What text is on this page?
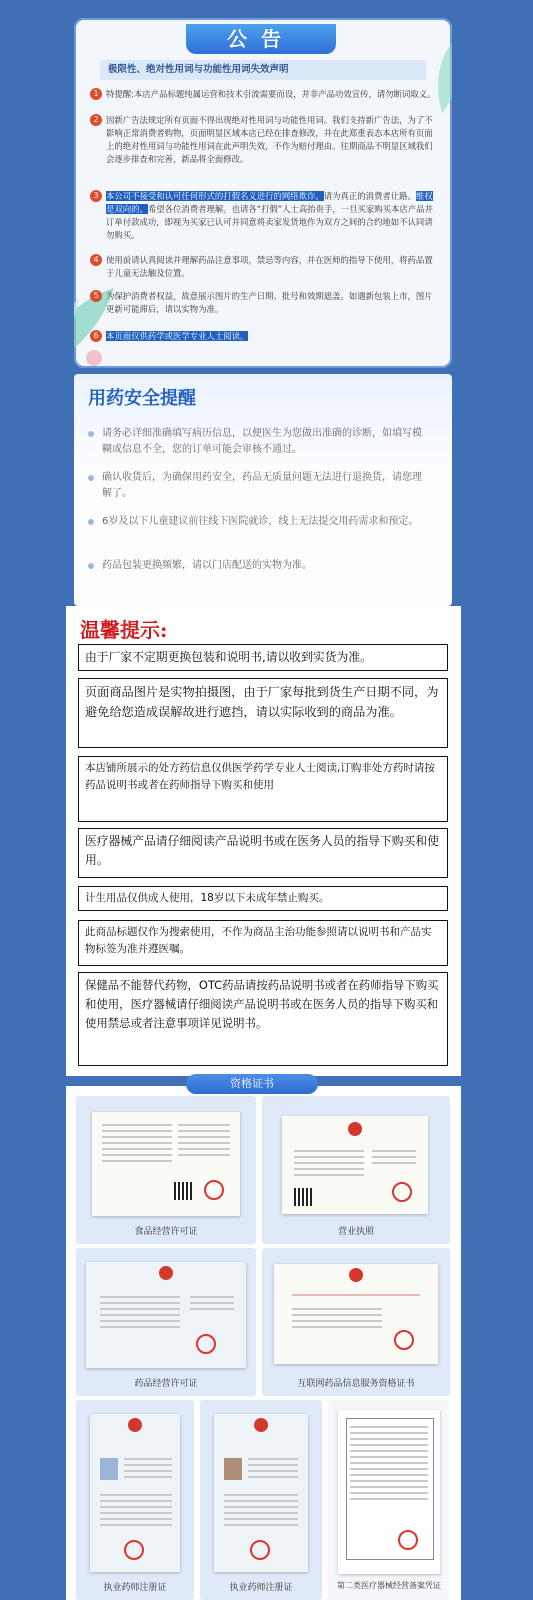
公告
极限性、绝对性用词与功能性用词失效声明
1 特提醒:本店产品标题纯属运营和技术引流需要而设，并非产品功效宣传，请勿断词取义。
2 因新广告法规定所有页面不得出现绝对性用词与功能性用词。我们支持新广告法，为了不影响正常消费者购物，页面明显区域本店已经在排查修改，并在此郑重表态本店所有页面上的绝对性用词与功能性用词在此声明失效，不作为赔付理由。往期商品不明显区域我们会逐步排查和完善，新品将全面修改。
3 本公司不接受和认可任何形式的打假名义进行的网络欺诈。请为真正的消费者让路。维权是双向的。希望各位消费者理解。也请各“打假”人士高抬贵手，一旦买家购买本店产品并订单付款成功，即视为买家已认可并同意将卖家发货地作为双方之间的合约地如不认同请勿购买。
4 使用前请认真阅读并理解药品注意事项，禁忌等内容，并在医师的指导下使用，将药品置于儿童无法触及位置。
5 为保护消费者权益，故意展示图片的生产日期、批号和效期遮盖。如遇新包装上市，图片更新可能滞后，请以实物为准。
6 本页面仅供药学或医学专业人士阅读。
用药安全提醒
请务必详细准确填写病历信息，以便医生为您做出准确的诊断，如填写模糊或信息不全，您的订单可能会审核不通过。
确认收货后，为确保用药安全，药品无质量问题无法进行退换货，请您理解了。
6岁及以下儿童建议前往线下医院就诊，线上无法提交用药需求和预定。
药品包装更换频繁，请以门店配送的实物为准。
温馨提示:
由于厂家不定期更换包装和说明书,请以收到实货为准。
页面商品图片是实物拍摄图，由于厂家每批到货生产日期不同，为避免给您造成误解故进行遮挡，请以实际收到的商品为准。
本店铺所展示的处方药信息仅供医学药学专业人士阅读,订购非处方药时请按药品说明书或者在药师指导下购买和使用
医疗器械产品请仔细阅读产品说明书或在医务人员的指导下购买和使用。
计生用品仅供成人使用，18岁以下未成年禁止购买。
此商品标题仅作为搜索使用，不作为商品主治功能参照请以说明书和产品实物标签为准并遵医嘱。
保健品不能替代药物，OTC药品请按药品说明书或者在药师指导下购买和使用，医疗器械请仔细阅读产品说明书或在医务人员的指导下购买和使用禁忌或者注意事项详见说明书。
食品经营许可证	营业执照
药品经营许可证	互联网药品信息服务资格证书
执业药师注册证	执业药师注册证	第二类医疗器械经营备案凭证
资格证书
